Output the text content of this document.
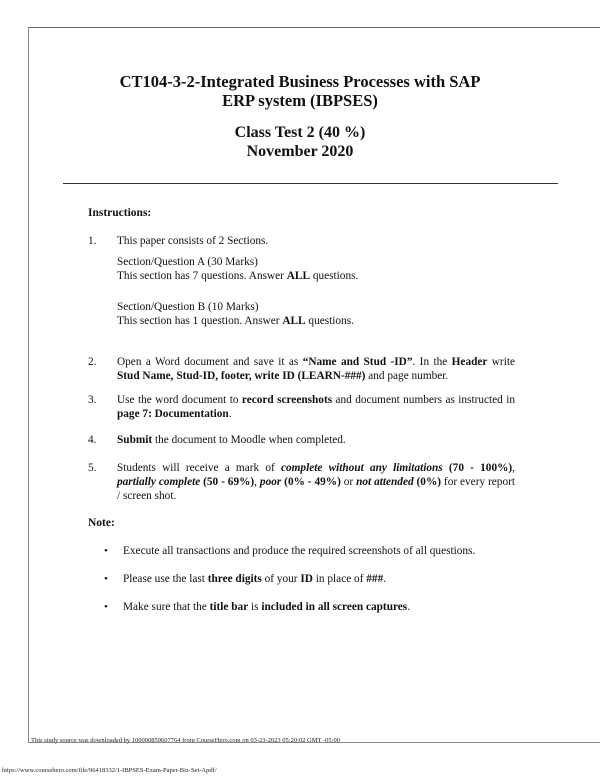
CT104-3-2-Integrated Business Processes with SAP
ERP system (IBPSES)
Class Test 2 (40 %)
November 2020
Instructions:
1. This paper consists of 2 Sections.
Section/Question A (30 Marks)
This section has 7 questions. Answer ALL questions.
Section/Question B (10 Marks)
This section has 1 question. Answer ALL questions.
2. Open a Word document and save it as “Name and Stud -ID”. In the Header write Stud Name, Stud-ID, footer, write ID (LEARN-###) and page number.
3. Use the word document to record screenshots and document numbers as instructed in page 7: Documentation.
4. Submit the document to Moodle when completed.
5. Students will receive a mark of complete without any limitations (70 - 100%), partially complete (50 - 69%), poor (0% - 49%) or not attended (0%) for every report / screen shot.
Note:
• Execute all transactions and produce the required screenshots of all questions.
• Please use the last three digits of your ID in place of ###.
• Make sure that the title bar is included in all screen captures.
This study source was downloaded by 100000859607764 from CourseHero.com on 03-23-2023 05:20:02 GMT -05:00
https://www.coursehero.com/file/96418332/1-IBPSES-Exam-Paper-Biz-Set-Apdf/
